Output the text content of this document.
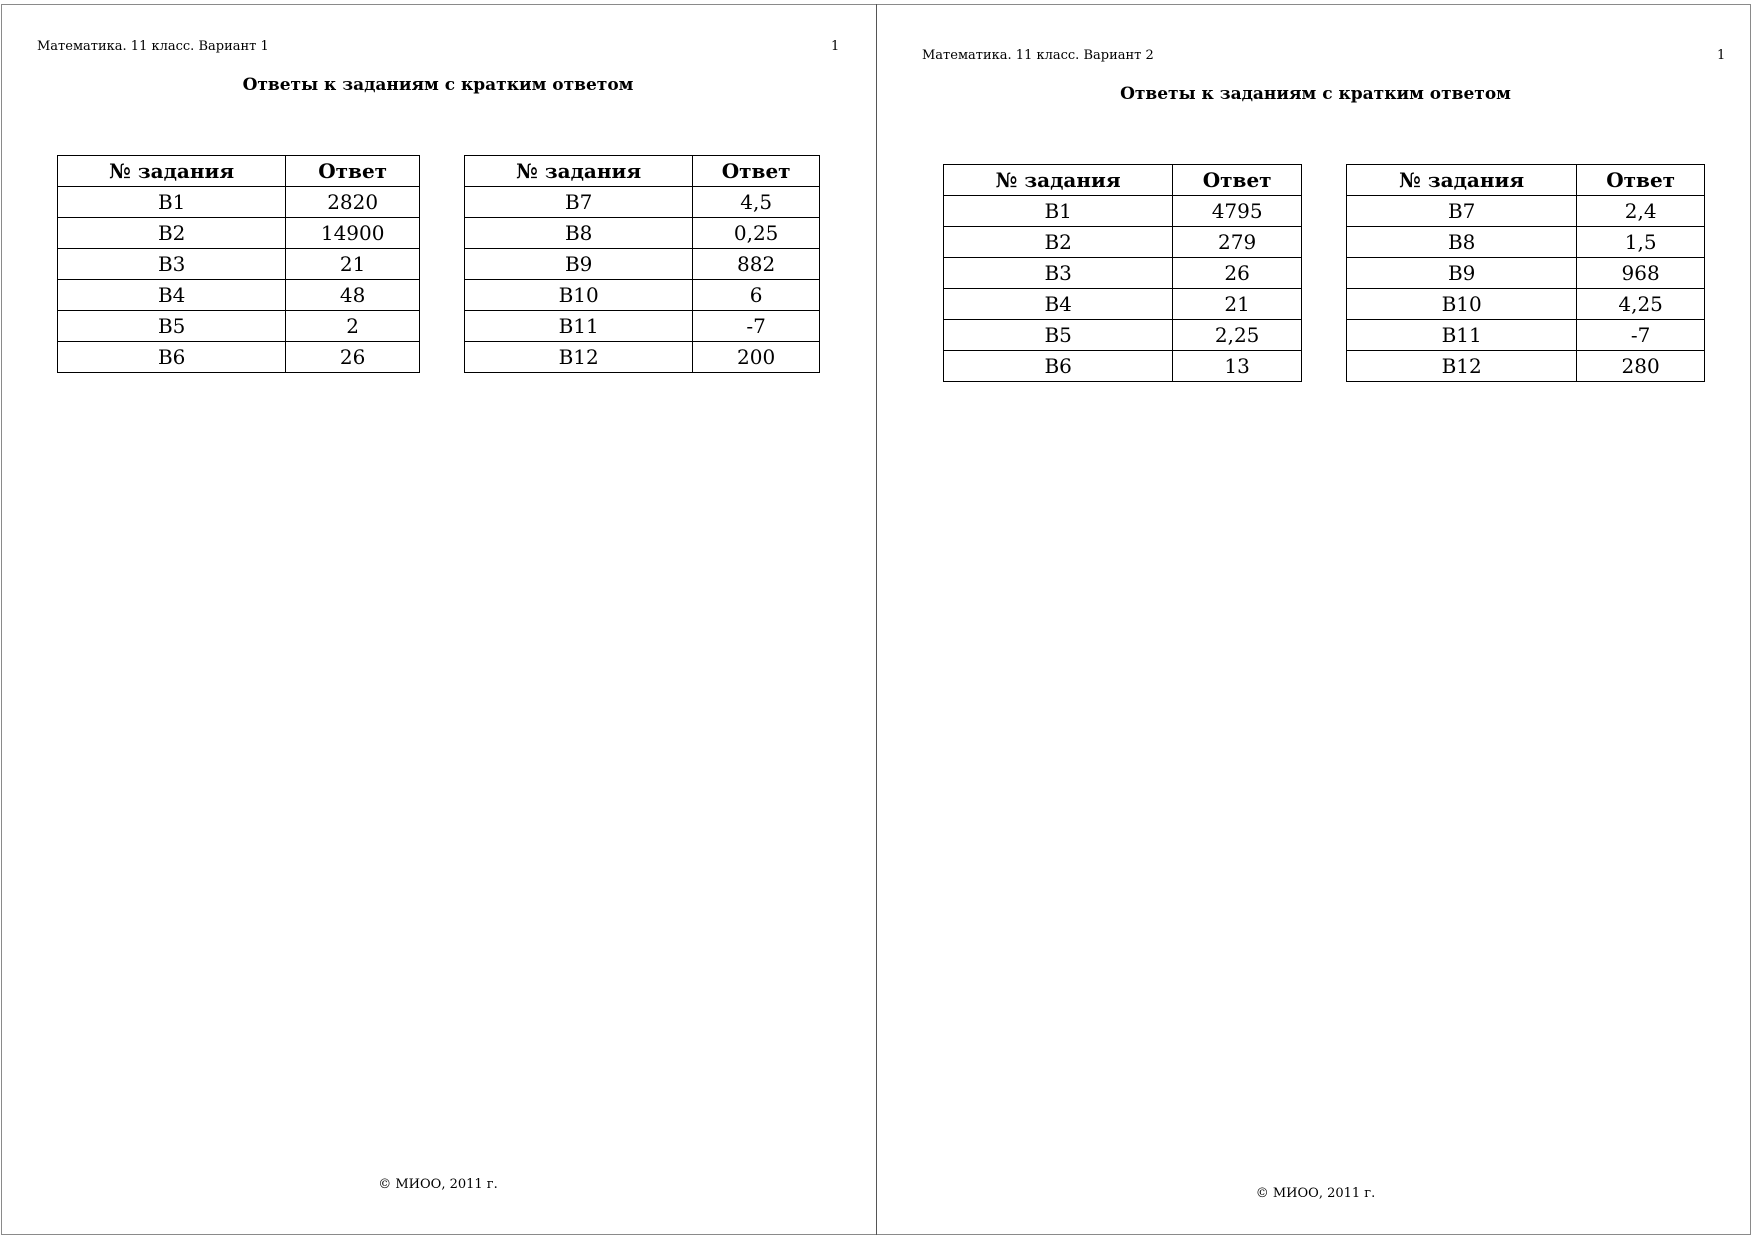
Математика. 11 класс. Вариант 1	1
Ответы к заданиям с кратким ответом
№ задания	Ответ
B1	2820
B2	14900
B3	21
B4	48
B5	2
B6	26
№ задания	Ответ
B7	4,5
B8	0,25
B9	882
B10	6
B11	-7
B12	200
© МИОО, 2011 г.
Математика. 11 класс. Вариант 2	1
Ответы к заданиям с кратким ответом
№ задания	Ответ
B1	4795
B2	279
B3	26
B4	21
B5	2,25
B6	13
№ задания	Ответ
B7	2,4
B8	1,5
B9	968
B10	4,25
B11	-7
B12	280
© МИОО, 2011 г.
